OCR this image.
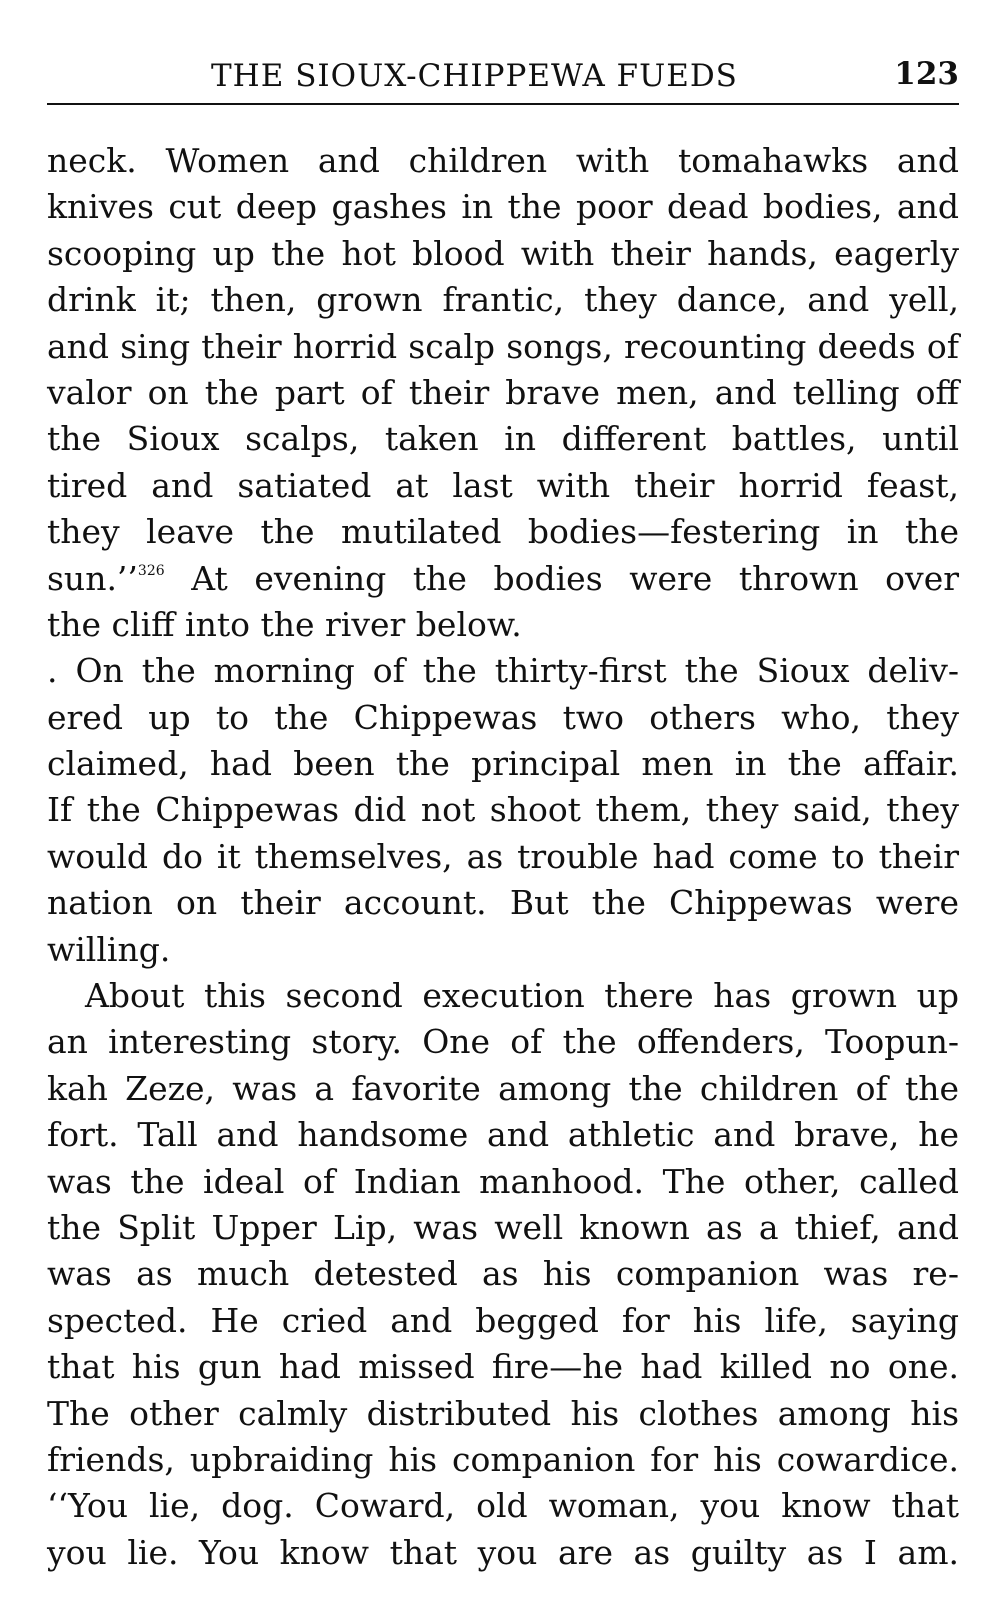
THE SIOUX-CHIPPEWA FUEDS	123
neck. Women and children with tomahawks and
knives cut deep gashes in the poor dead bodies, and
scooping up the hot blood with their hands, eagerly
drink it; then, grown frantic, they dance, and yell,
and sing their horrid scalp songs, recounting deeds of
valor on the part of their brave men, and telling off
the Sioux scalps, taken in different battles, until
tired and satiated at last with their horrid feast,
they leave the mutilated bodies—festering in the
sun.’’$^{326}$ At evening the bodies were thrown over
the cliff into the river below.
. On the morning of the thirty-first the Sioux deliv-
ered up to the Chippewas two others who, they
claimed, had been the principal men in the affair.
If the Chippewas did not shoot them, they said, they
would do it themselves, as trouble had come to their
nation on their account. But the Chippewas were
willing.
About this second execution there has grown up
an interesting story. One of the offenders, Toopun-
kah Zeze, was a favorite among the children of the
fort. Tall and handsome and athletic and brave, he
was the ideal of Indian manhood. The other, called
the Split Upper Lip, was well known as a thief, and
was as much detested as his companion was re-
spected. He cried and begged for his life, saying
that his gun had missed fire—he had killed no one.
The other calmly distributed his clothes among his
friends, upbraiding his companion for his cowardice.
‘‘You lie, dog. Coward, old woman, you know that
you lie. You know that you are as guilty as I am.
